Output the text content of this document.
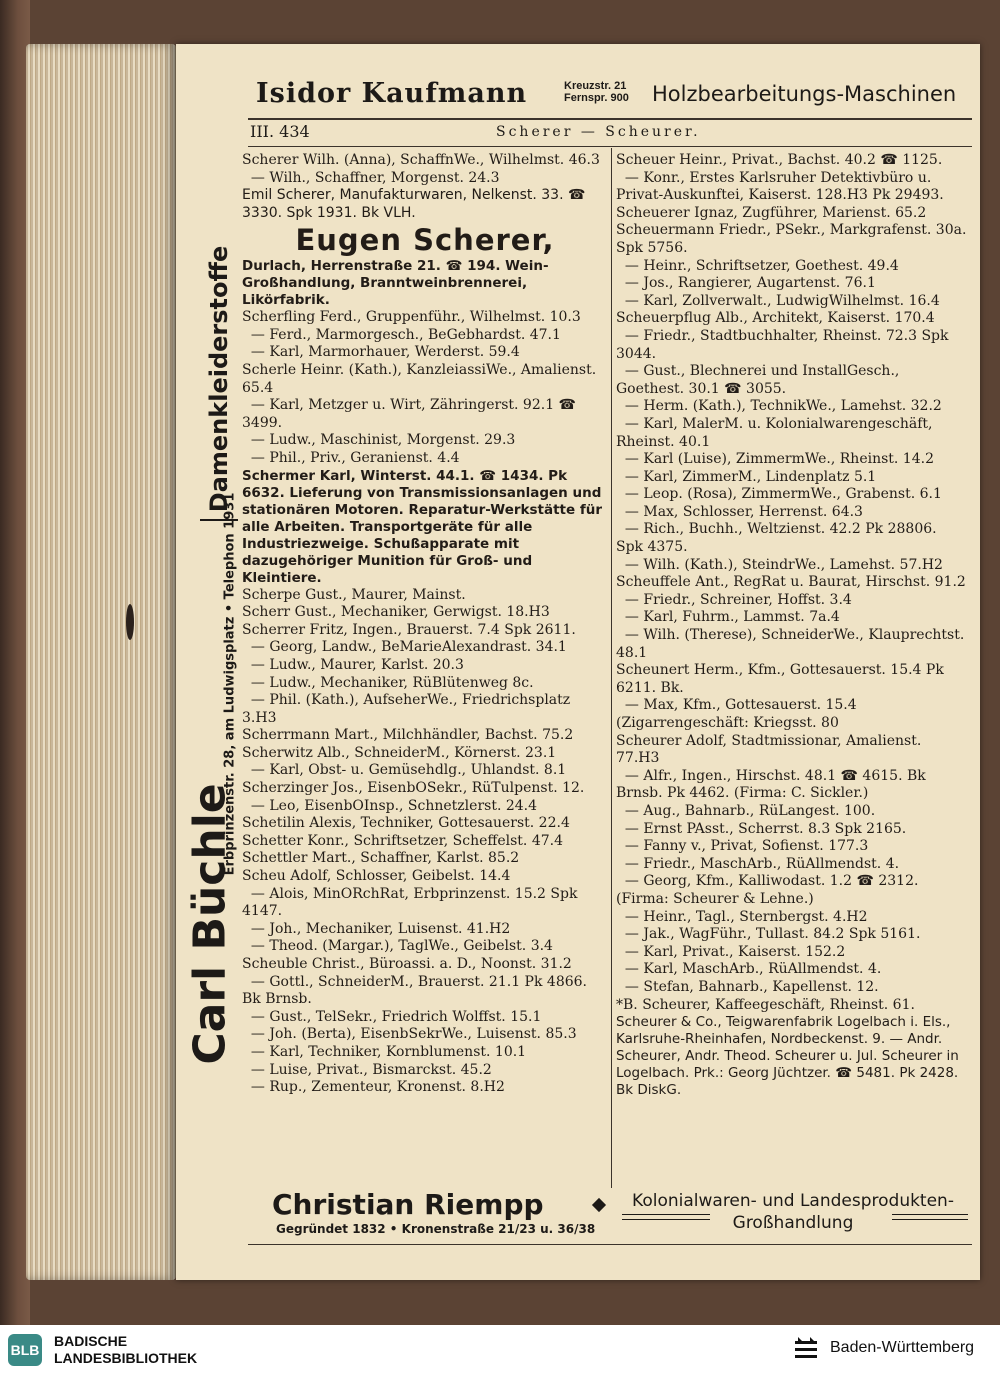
Isidor Kaufmann	Kreuzstr. 21
Fernspr. 900 Holzbearbeitungs-Maschinen
III. 434	Scherer — Scheurer.
Damenkleiderstoffe
Carl Büchle
Erbprinzenstr. 28, am Ludwigsplatz • Telephon 1931
Scherer Wilh. (Anna), SchaffnWe., Wilhelmst. 46.3
— Wilh., Schaffner, Morgenst. 24.3
Emil Scherer, Manufakturwaren, Nelkenst. 33. ☎ 3330. Spk 1931. Bk VLH.
Eugen Scherer,
Durlach, Herrenstraße 21. ☎ 194. Wein-Großhandlung, Branntweinbrennerei, Likörfabrik.
Scherfling Ferd., Gruppenführ., Wilhelmst. 10.3
— Ferd., Marmorgesch., BeGebhardst. 47.1
— Karl, Marmorhauer, Werderst. 59.4
Scherle Heinr. (Kath.), KanzleiassiWe., Amalienst. 65.4
— Karl, Metzger u. Wirt, Zähringerst. 92.1 ☎ 3499.
— Ludw., Maschinist, Morgenst. 29.3
— Phil., Priv., Geranienst. 4.4
Schermer Karl, Winterst. 44.1. ☎ 1434. Pk 6632. Lieferung von Transmissionsanlagen und stationären Motoren. Reparatur-Werkstätte für alle Arbeiten. Transportgeräte für alle Industriezweige. Schußapparate mit dazugehöriger Munition für Groß- und Kleintiere.
Scherpe Gust., Maurer, Mainst.
Scherr Gust., Mechaniker, Gerwigst. 18.H3
Scherrer Fritz, Ingen., Brauerst. 7.4 Spk 2611.
— Georg, Landw., BeMarieAlexandrast. 34.1
— Ludw., Maurer, Karlst. 20.3
— Ludw., Mechaniker, RüBlütenweg 8c.
— Phil. (Kath.), AufseherWe., Friedrichsplatz 3.H3
Scherrmann Mart., Milchhändler, Bachst. 75.2
Scherwitz Alb., SchneiderM., Körnerst. 23.1
— Karl, Obst- u. Gemüsehdlg., Uhlandst. 8.1
Scherzinger Jos., EisenbOSekr., RüTulpenst. 12.
— Leo, EisenbOInsp., Schnetzlerst. 24.4
Schetilin Alexis, Techniker, Gottesauerst. 22.4
Schetter Konr., Schriftsetzer, Scheffelst. 47.4
Schettler Mart., Schaffner, Karlst. 85.2
Scheu Adolf, Schlosser, Geibelst. 14.4
— Alois, MinORchRat, Erbprinzenst. 15.2 Spk 4147.
— Joh., Mechaniker, Luisenst. 41.H2
— Theod. (Margar.), TaglWe., Geibelst. 3.4
Scheuble Christ., Büroassi. a. D., Noonst. 31.2
— Gottl., SchneiderM., Brauerst. 21.1 Pk 4866. Bk Brnsb.
— Gust., TelSekr., Friedrich Wolffst. 15.1
— Joh. (Berta), EisenbSekrWe., Luisenst. 85.3
— Karl, Techniker, Kornblumenst. 10.1
— Luise, Privat., Bismarckst. 45.2
— Rup., Zementeur, Kronenst. 8.H2
Scheuer Heinr., Privat., Bachst. 40.2 ☎ 1125.
— Konr., Erstes Karlsruher Detektivbüro u. Privat-Auskunftei, Kaiserst. 128.H3 Pk 29493.
Scheuerer Ignaz, Zugführer, Marienst. 65.2
Scheuermann Friedr., PSekr., Markgrafenst. 30a. Spk 5756.
— Heinr., Schriftsetzer, Goethest. 49.4
— Jos., Rangierer, Augartenst. 76.1
— Karl, Zollverwalt., LudwigWilhelmst. 16.4
Scheuerpflug Alb., Architekt, Kaiserst. 170.4
— Friedr., Stadtbuchhalter, Rheinst. 72.3 Spk 3044.
— Gust., Blechnerei und InstallGesch., Goethest. 30.1 ☎ 3055.
— Herm. (Kath.), TechnikWe., Lamehst. 32.2
— Karl, MalerM. u. Kolonialwarengeschäft, Rheinst. 40.1
— Karl (Luise), ZimmermWe., Rheinst. 14.2
— Karl, ZimmerM., Lindenplatz 5.1
— Leop. (Rosa), ZimmermWe., Grabenst. 6.1
— Max, Schlosser, Herrenst. 64.3
— Rich., Buchh., Weltzienst. 42.2 Pk 28806. Spk 4375.
— Wilh. (Kath.), SteindrWe., Lamehst. 57.H2
Scheuffele Ant., RegRat u. Baurat, Hirschst. 91.2
— Friedr., Schreiner, Hoffst. 3.4
— Karl, Fuhrm., Lammst. 7a.4
— Wilh. (Therese), SchneiderWe., Klauprechtst. 48.1
Scheunert Herm., Kfm., Gottesauerst. 15.4 Pk 6211. Bk.
— Max, Kfm., Gottesauerst. 15.4 (Zigarrengeschäft: Kriegsst. 80
Scheurer Adolf, Stadtmissionar, Amalienst. 77.H3
— Alfr., Ingen., Hirschst. 48.1 ☎ 4615. Bk Brnsb. Pk 4462. (Firma: C. Sickler.)
— Aug., Bahnarb., RüLangest. 100.
— Ernst PAsst., Scherrst. 8.3 Spk 2165.
— Fanny v., Privat, Sofienst. 177.3
— Friedr., MaschArb., RüAllmendst. 4.
— Georg, Kfm., Kalliwodast. 1.2 ☎ 2312. (Firma: Scheurer & Lehne.)
— Heinr., Tagl., Sternbergst. 4.H2
— Jak., WagFühr., Tullast. 84.2 Spk 5161.
— Karl, Privat., Kaiserst. 152.2
— Karl, MaschArb., RüAllmendst. 4.
— Stefan, Bahnarb., Kapellenst. 12.
*B. Scheurer, Kaffeegeschäft, Rheinst. 61.
Scheurer & Co., Teigwarenfabrik Logelbach i. Els., Karlsruhe-Rheinhafen, Nordbeckenst. 9. — Andr. Scheurer, Andr. Theod. Scheurer u. Jul. Scheurer in Logelbach. Prk.: Georg Jüchtzer. ☎ 5481. Pk 2428. Bk DiskG.
Christian Riempp
Gegründet 1832 • Kronenstraße 21/23 u. 36/38
Kolonialwaren- und Landesprodukten-
Großhandlung
BLB
BADISCHE
LANDESBIBLIOTHEK
Baden-Württemberg
